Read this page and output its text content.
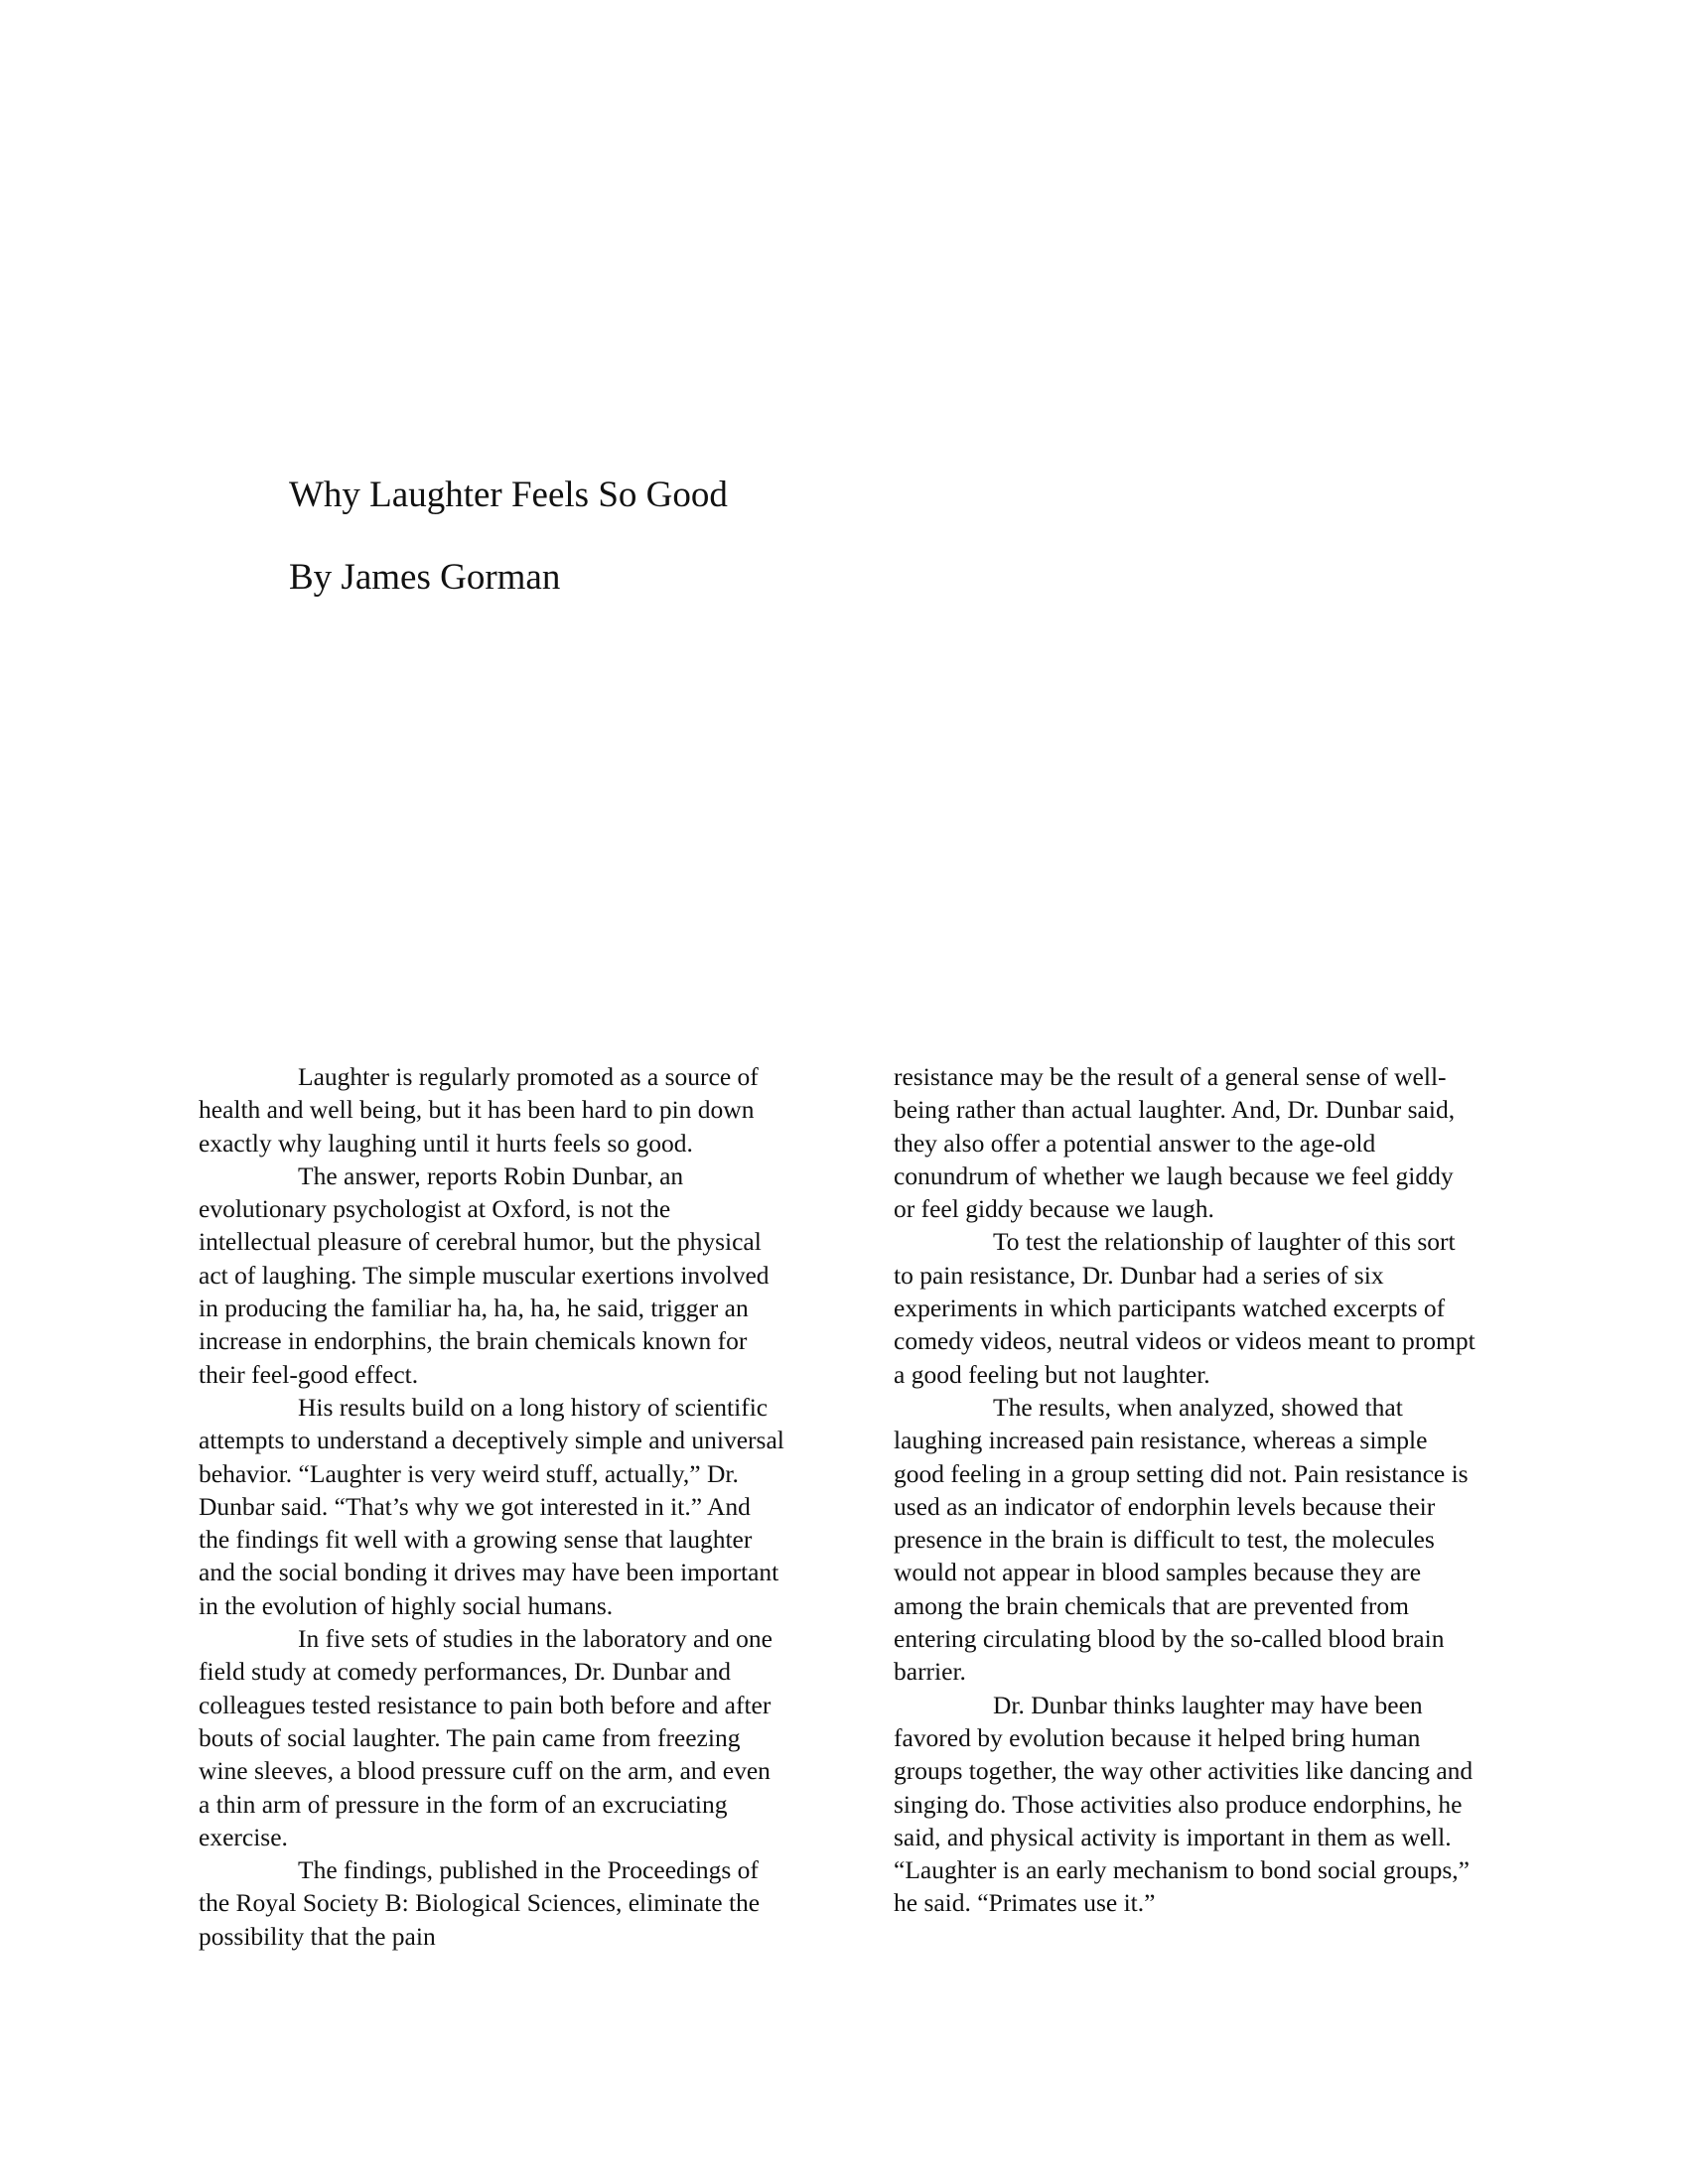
Why Laughter Feels So Good
By James Gorman

Laughter is regularly promoted as a source of health and well being, but it has been hard to pin down exactly why laughing until it hurts feels so good.

The answer, reports Robin Dunbar, an evolutionary psychologist at Oxford, is not the intellectual pleasure of cerebral humor, but the physical act of laughing. The simple muscular exertions involved in producing the familiar ha, ha, ha, he said, trigger an increase in endorphins, the brain chemicals known for their feel-good effect.

His results build on a long history of scientific attempts to understand a deceptively simple and universal behavior. “Laughter is very weird stuff, actually,” Dr. Dunbar said. “That’s why we got interested in it.” And the findings fit well with a growing sense that laughter and the social bonding it drives may have been important in the evolution of highly social humans.

In five sets of studies in the laboratory and one field study at comedy performances, Dr. Dunbar and colleagues tested resistance to pain both before and after bouts of social laughter. The pain came from freezing wine sleeves, a blood pressure cuff on the arm, and even a thin arm of pressure in the form of an excruciating exercise.

The findings, published in the Proceedings of the Royal Society B: Biological Sciences, eliminate the possibility that the pain

resistance may be the result of a general sense of well-being rather than actual laughter. And, Dr. Dunbar said, they also offer a potential answer to the age-old conundrum of whether we laugh because we feel giddy or feel giddy because we laugh.

To test the relationship of laughter of this sort to pain resistance, Dr. Dunbar had a series of six experiments in which participants watched excerpts of comedy videos, neutral videos or videos meant to prompt a good feeling but not laughter.

The results, when analyzed, showed that laughing increased pain resistance, whereas a simple good feeling in a group setting did not. Pain resistance is used as an indicator of endorphin levels because their presence in the brain is difficult to test, the molecules would not appear in blood samples because they are among the brain chemicals that are prevented from entering circulating blood by the so-called blood brain barrier.

Dr. Dunbar thinks laughter may have been favored by evolution because it helped bring human groups together, the way other activities like dancing and singing do. Those activities also produce endorphins, he said, and physical activity is important in them as well. “Laughter is an early mechanism to bond social groups,” he said. “Primates use it.”
